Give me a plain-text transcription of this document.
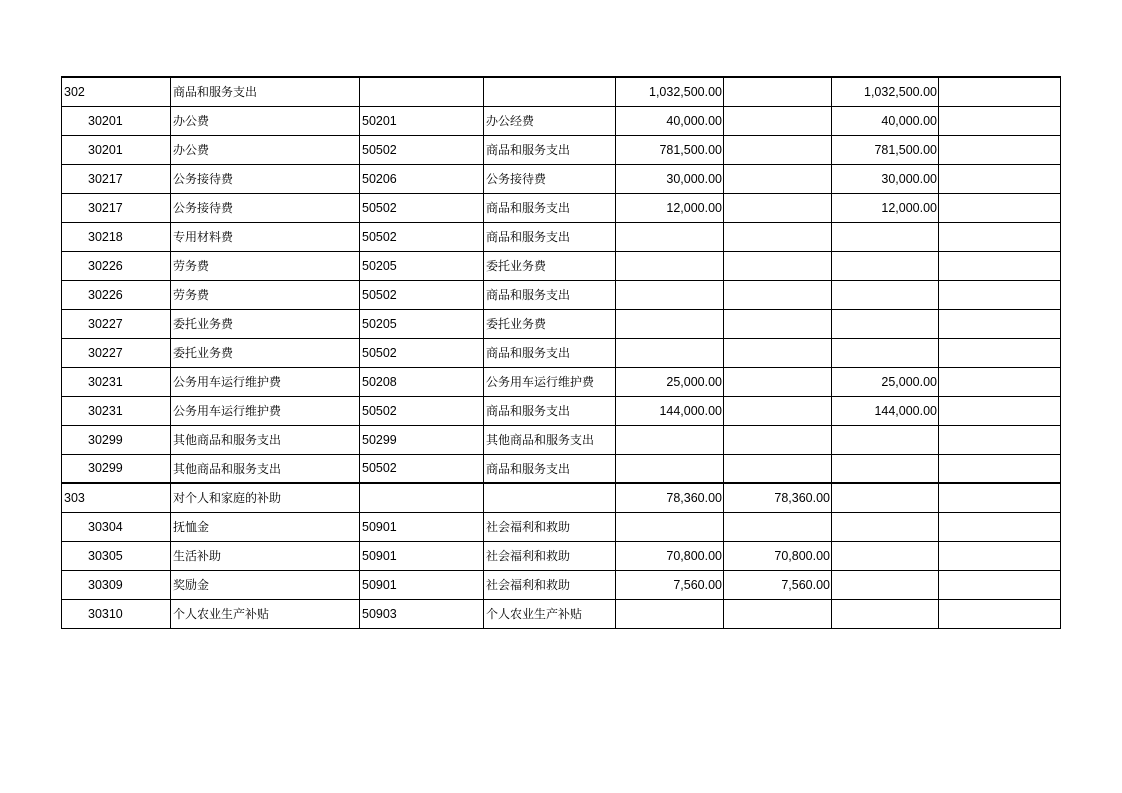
302	商品和服务支出			1,032,500.00		1,032,500.00	
30201	办公费	50201	办公经费	40,000.00		40,000.00	
30201	办公费	50502	商品和服务支出	781,500.00		781,500.00	
30217	公务接待费	50206	公务接待费	30,000.00		30,000.00	
30217	公务接待费	50502	商品和服务支出	12,000.00		12,000.00	
30218	专用材料费	50502	商品和服务支出				
30226	劳务费	50205	委托业务费				
30226	劳务费	50502	商品和服务支出				
30227	委托业务费	50205	委托业务费				
30227	委托业务费	50502	商品和服务支出				
30231	公务用车运行维护费	50208	公务用车运行维护费	25,000.00		25,000.00	
30231	公务用车运行维护费	50502	商品和服务支出	144,000.00		144,000.00	
30299	其他商品和服务支出	50299	其他商品和服务支出				
30299	其他商品和服务支出	50502	商品和服务支出				
303	对个人和家庭的补助			78,360.00	78,360.00		
30304	抚恤金	50901	社会福利和救助				
30305	生活补助	50901	社会福利和救助	70,800.00	70,800.00		
30309	奖励金	50901	社会福利和救助	7,560.00	7,560.00		
30310	个人农业生产补贴	50903	个人农业生产补贴				
